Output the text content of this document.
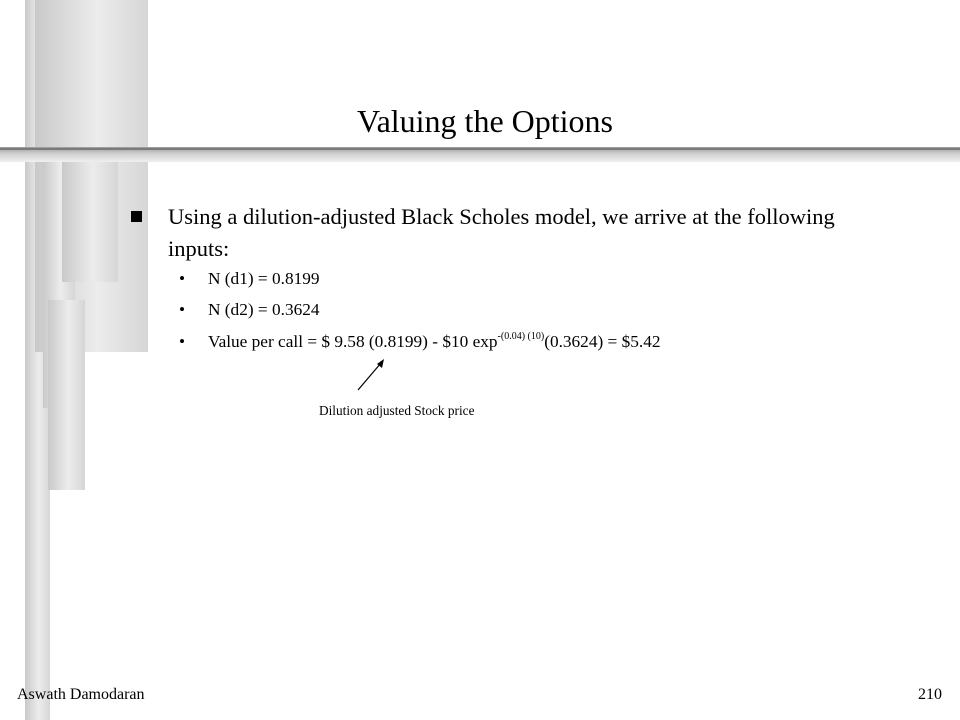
Valuing the Options
Using a dilution-adjusted Black Scholes model, we arrive at the following inputs:
• N (d1) = 0.8199
• N (d2) = 0.3624
• Value per call = $ 9.58 (0.8199) - $10 $\exp^{-(0.04) (10)}(0.3624)$ = $5.42
Dilution adjusted Stock price
Aswath Damodaran	210
